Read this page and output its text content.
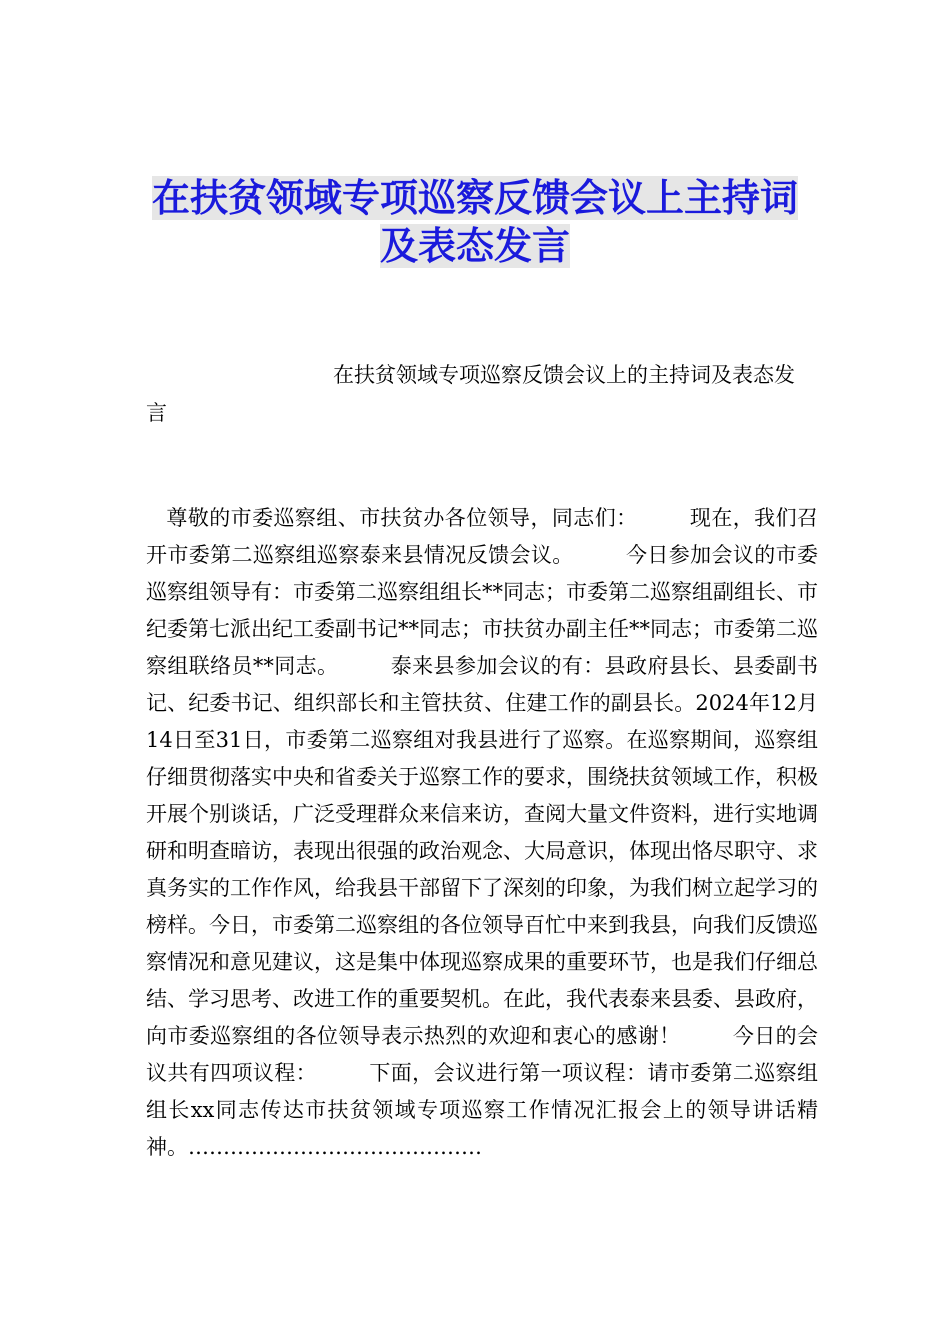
在扶贫领域专项巡察反馈会议上主持词
及表态发言
在扶贫领域专项巡察反馈会议上的主持词及表态发言
尊敬的市委巡察组、市扶贫办各位领导，同志们： 现在，我们召开市委第二巡察组巡察泰来县情况反馈会议。 今日参加会议的市委巡察组领导有：市委第二巡察组组长**同志；市委第二巡察组副组长、市纪委第七派出纪工委副书记**同志；市扶贫办副主任**同志；市委第二巡察组联络员**同志。 泰来县参加会议的有：县政府县长、县委副书记、纪委书记、组织部长和主管扶贫、住建工作的副县长。2024年12月14日至31日，市委第二巡察组对我县进行了巡察。在巡察期间，巡察组仔细贯彻落实中央和省委关于巡察工作的要求，围绕扶贫领域工作，积极开展个别谈话，广泛受理群众来信来访，查阅大量文件资料，进行实地调研和明查暗访，表现出很强的政治观念、大局意识，体现出恪尽职守、求真务实的工作作风，给我县干部留下了深刻的印象，为我们树立起学习的榜样。今日，市委第二巡察组的各位领导百忙中来到我县，向我们反馈巡察情况和意见建议，这是集中体现巡察成果的重要环节，也是我们仔细总结、学习思考、改进工作的重要契机。在此，我代表泰来县委、县政府，向市委巡察组的各位领导表示热烈的欢迎和衷心的感谢！ 今日的会议共有四项议程： 下面，会议进行第一项议程：请市委第二巡察组组长xx同志传达市扶贫领域专项巡察工作情况汇报会上的领导讲话精神。……………………………………
